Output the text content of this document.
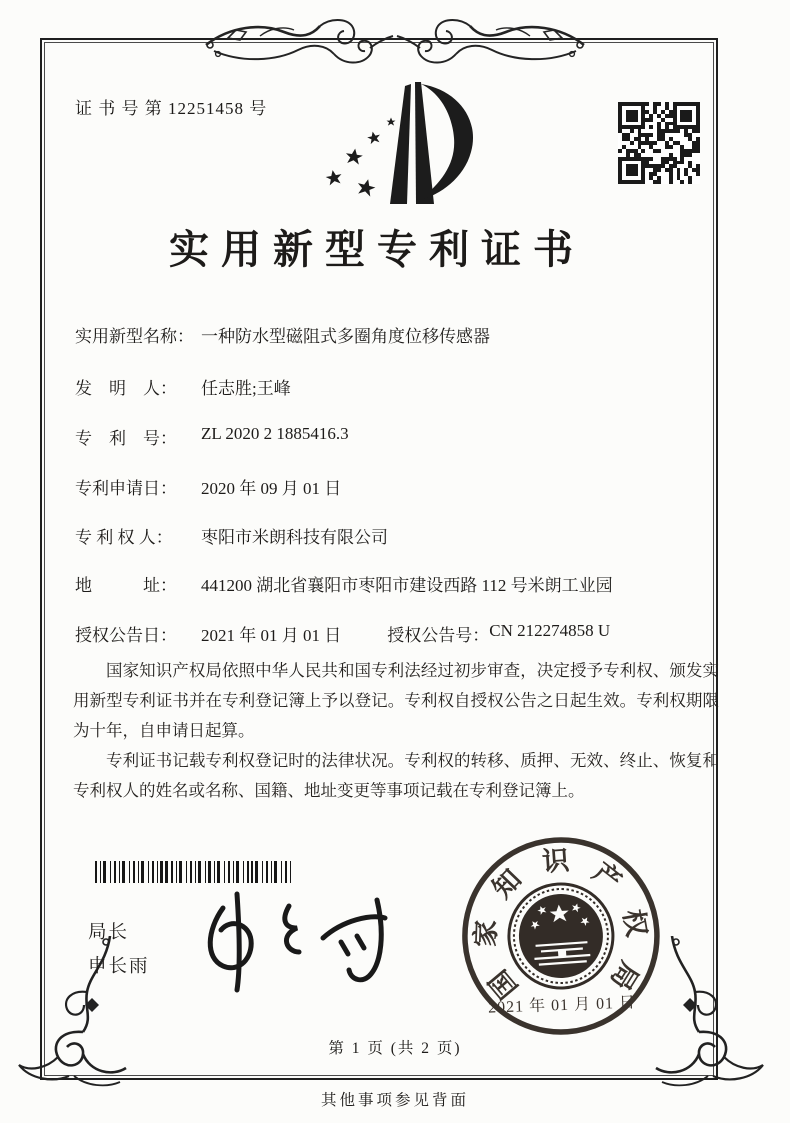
证 书 号 第 12251458 号
实用新型专利证书
实用新型名称： 一种防水型磁阻式多圈角度位移传感器
发　明　人：	任志胜;王峰
专　利　号：	ZL 2020 2 1885416.3
专利申请日：	2020 年 09 月 01 日
专 利 权 人：	枣阳市米朗科技有限公司
地　　　址：	441200 湖北省襄阳市枣阳市建设西路 112 号米朗工业园
授权公告日：	2021 年 01 月 01 日	授权公告号： CN 212274858 U

国家知识产权局依照中华人民共和国专利法经过初步审查，决定授予专利权、颁发实用新型专利证书并在专利登记簿上予以登记。专利权自授权公告之日起生效。专利权期限为十年，自申请日起算。

专利证书记载专利权登记时的法律状况。专利权的转移、质押、无效、终止、恢复和专利权人的姓名或名称、国籍、地址变更等事项记载在专利登记簿上。

局长
申长雨	国
家
知
识 产
权
局
2021 年 01 月 01 日
第 1 页 (共 2 页)
其他事项参见背面
